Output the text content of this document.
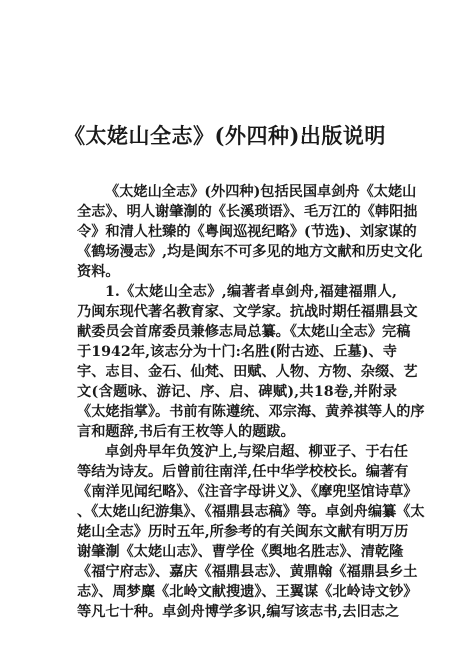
《太姥山全志》(外四种)出版说明
《太姥山全志》(外四种)包括民国卓剑舟《太姥山
全志》、明人谢肇淛的《长溪琐语》、毛万江的《韩阳拙
令》和清人杜臻的《粤闽巡视纪略》(节选)、刘家谋的
《鹤场漫志》,均是闽东不可多见的地方文献和历史文化
资料。
1.《太姥山全志》,编著者卓剑舟,福建福鼎人,
乃闽东现代著名教育家、文学家。抗战时期任福鼎县文
献委员会首席委员兼修志局总纂。《太姥山全志》完稿
于1942年,该志分为十门:名胜(附古迹、丘墓)、寺
宇、志目、金石、仙梵、田赋、人物、方物、杂缀、艺
文(含题咏、游记、序、启、碑赋),共18卷,并附录
《太姥指掌》。书前有陈遵统、邓宗海、黄养祺等人的序
言和题辞,书后有王枚等人的题跋。
卓剑舟早年负笈沪上,与梁启超、柳亚子、于右任
等结为诗友。后曾前往南洋,任中华学校校长。编著有
《南洋见闻纪略》、《注音字母讲义》、《摩兜坚馆诗草》
、《太姥山纪游集》、《福鼎县志稿》等。卓剑舟编纂《太
姥山全志》历时五年,所参考的有关闽东文献有明万历
谢肇淛《太姥山志》、曹学佺《舆地名胜志》、清乾隆
《福宁府志》、嘉庆《福鼎县志》、黄鼎翰《福鼎县乡土
志》、周梦麋《北岭文献搜遗》、王翼谋《北岭诗文钞》
等凡七十种。卓剑舟博学多识,编写该志书,去旧志之
